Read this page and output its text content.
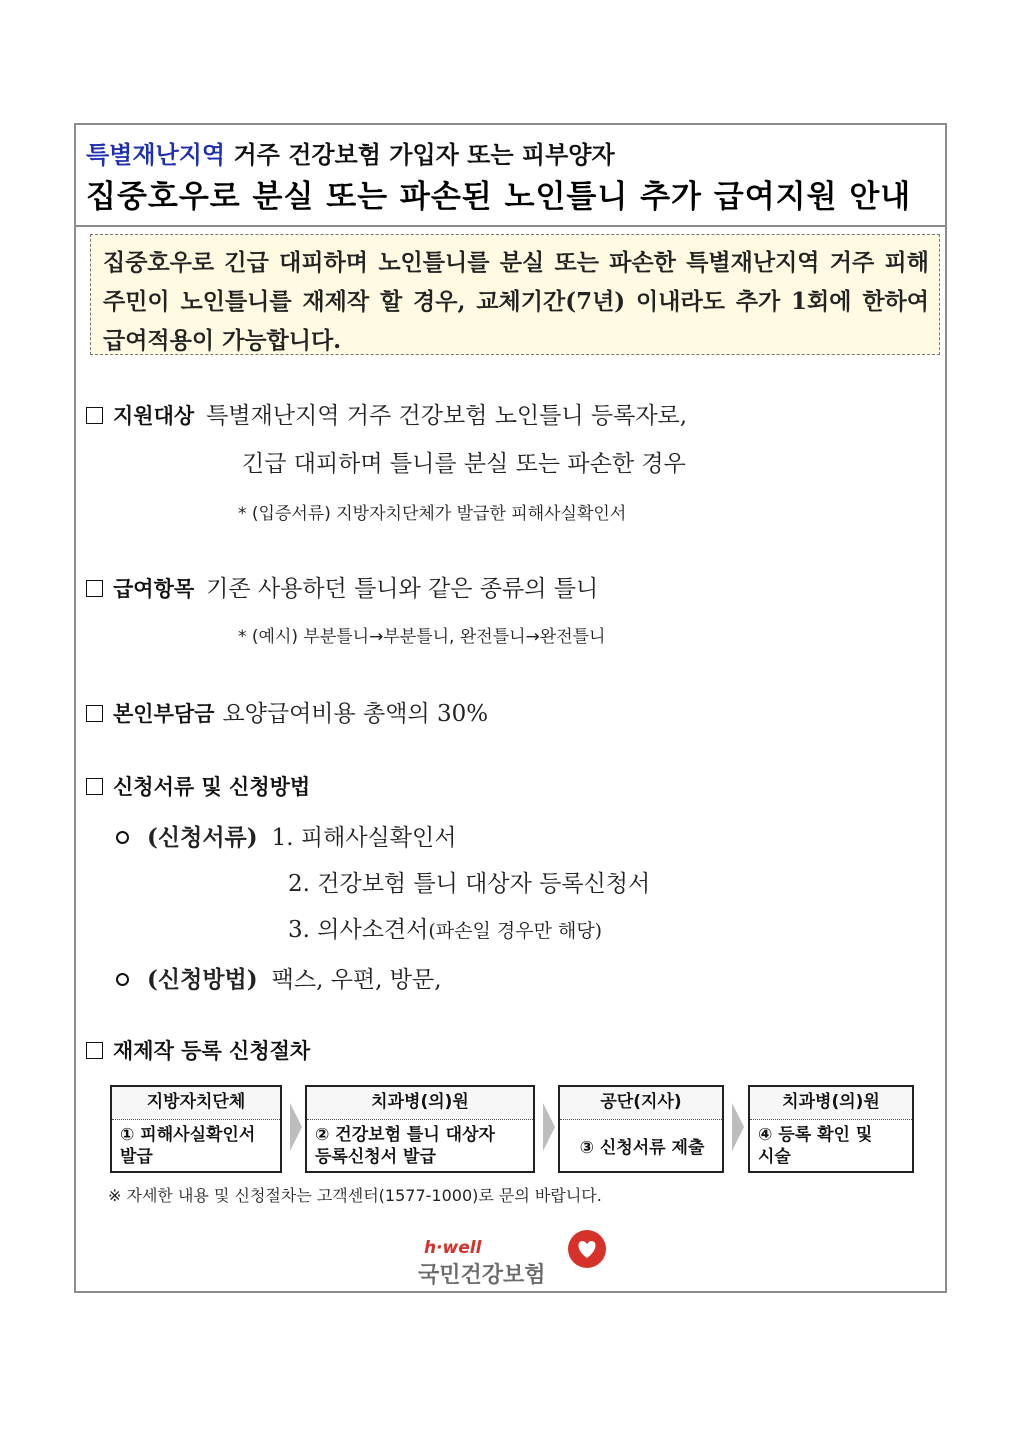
특별재난지역 거주 건강보험 가입자 또는 피부양자
집중호우로 분실 또는 파손된 노인틀니 추가 급여지원 안내
집중호우로 긴급 대피하며 노인틀니를 분실 또는 파손한 특별재난지역 거주 피해주민이 노인틀니를 재제작 할 경우, 교체기간(7년) 이내라도 추가 1회에 한하여 급여적용이 가능합니다.
지원대상 특별재난지역 거주 건강보험 노인틀니 등록자로,
긴급 대피하며 틀니를 분실 또는 파손한 경우
* (입증서류) 지방자치단체가 발급한 피해사실확인서
급여항목 기존 사용하던 틀니와 같은 종류의 틀니
* (예시) 부분틀니→부분틀니, 완전틀니→완전틀니
본인부담금 요양급여비용 총액의 30%
신청서류 및 신청방법
(신청서류) 1. 피해사실확인서
2. 건강보험 틀니 대상자 등록신청서
3. 의사소견서(파손일 경우만 해당)
(신청방법) 팩스, 우편, 방문,
재제작 등록 신청절차
지방자치단체
① 피해사실확인서
발급
치과병(의)원
② 건강보험 틀니 대상자
등록신청서 발급
공단(지사)
③ 신청서류 제출
치과병(의)원
④ 등록 확인 및
시술
※ 자세한 내용 및 신청절차는 고객센터(1577-1000)로 문의 바랍니다.
h·well
국민건강보험
